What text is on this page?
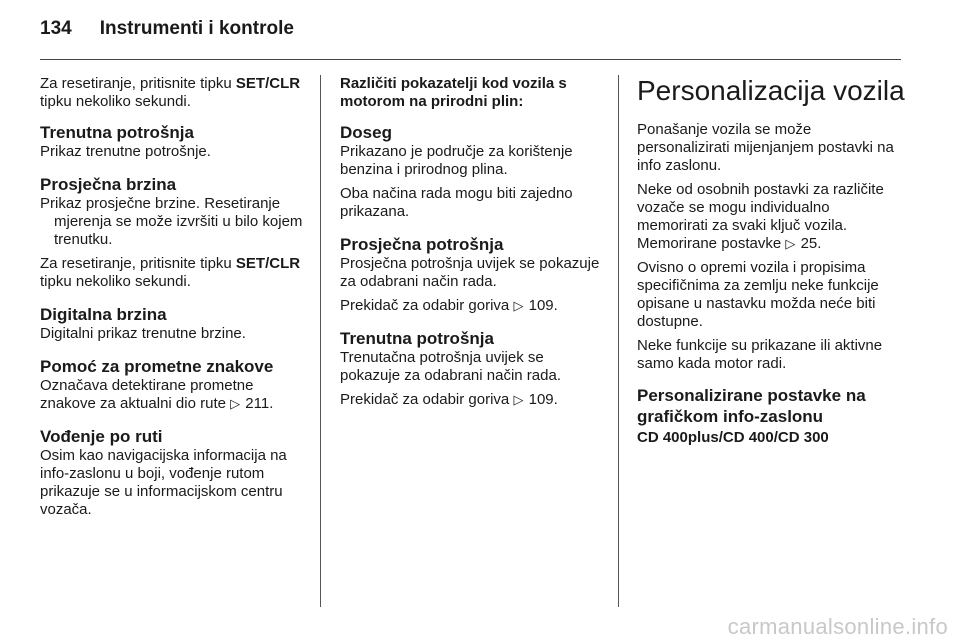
134 Instrumenti i kontrole

Za resetiranje, pritisnite tipku SET/CLR tipku nekoliko sekundi.

Trenutna potrošnja

Prikaz trenutne potrošnje.

Prosječna brzina

Prikaz prosječne brzine. Resetiranje mjerenja se može izvršiti u bilo kojem trenutku.

Za resetiranje, pritisnite tipku SET/CLR tipku nekoliko sekundi.

Digitalna brzina

Digitalni prikaz trenutne brzine.

Pomoć za prometne znakove

Označava detektirane prometne znakove za aktualni dio rute ▷ 211.

Vođenje po ruti

Osim kao navigacijska informacija na info-zaslonu u boji, vođenje rutom prikazuje se u informacijskom centru vozača.

Različiti pokazatelji kod vozila s motorom na prirodni plin:
Doseg

Prikazano je područje za korištenje benzina i prirodnog plina.

Oba načina rada mogu biti zajedno prikazana.

Prosječna potrošnja

Prosječna potrošnja uvijek se pokazuje za odabrani način rada.

Prekidač za odabir goriva ▷ 109.

Trenutna potrošnja

Trenutačna potrošnja uvijek se pokazuje za odabrani način rada.

Prekidač za odabir goriva ▷ 109.

Personalizacija vozila

Ponašanje vozila se može personalizirati mijenjanjem postavki na info zaslonu.

Neke od osobnih postavki za različite vozače se mogu individualno memorirati za svaki ključ vozila. Memorirane postavke ▷ 25.

Ovisno o opremi vozila i propisima specifičnima za zemlju neke funkcije opisane u nastavku možda neće biti dostupne.

Neke funkcije su prikazane ili aktivne samo kada motor radi.

Personalizirane postavke na grafičkom info-zaslonu

CD 400plus/CD 400/CD 300

carmanualsonline.info
